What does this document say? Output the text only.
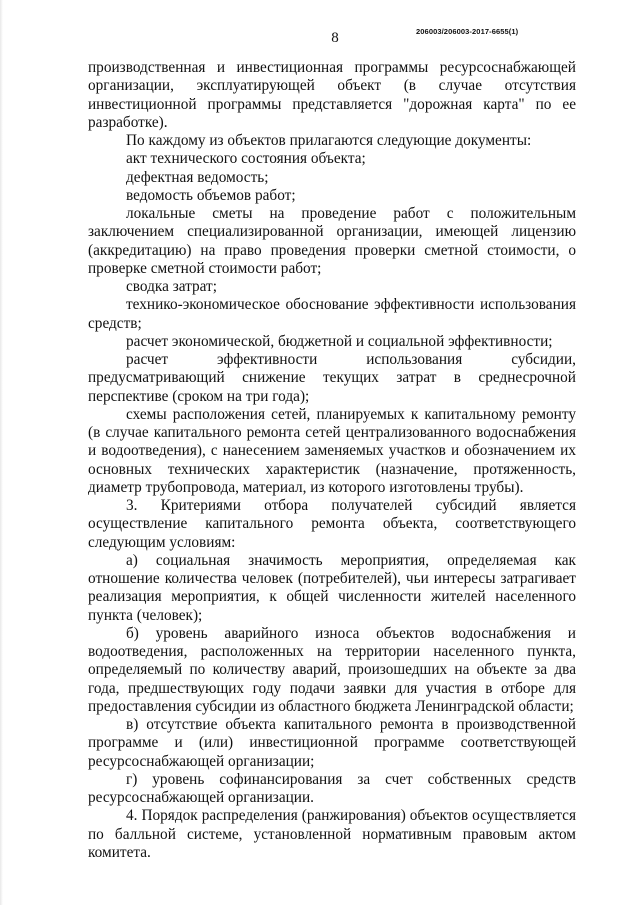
8	206003/206003-2017-6655(1)

производственная и инвестиционная программы ресурсоснабжающей организации, эксплуатирующей объект (в случае отсутствия инвестиционной программы представляется "дорожная карта" по ее разработке).

По каждому из объектов прилагаются следующие документы:

акт технического состояния объекта;

дефектная ведомость;

ведомость объемов работ;

локальные сметы на проведение работ с положительным заключением специализированной организации, имеющей лицензию (аккредитацию) на право проведения проверки сметной стоимости, о проверке сметной стоимости работ;

сводка затрат;

технико-экономическое обоснование эффективности использования средств;

расчет экономической, бюджетной и социальной эффективности;

расчет эффективности использования субсидии, предусматривающий снижение текущих затрат в среднесрочной перспективе (сроком на три года);

схемы расположения сетей, планируемых к капитальному ремонту (в случае капитального ремонта сетей централизованного водоснабжения и водоотведения), с нанесением заменяемых участков и обозначением их основных технических характеристик (назначение, протяженность, диаметр трубопровода, материал, из которого изготовлены трубы).

3. Критериями отбора получателей субсидий является осуществление капитального ремонта объекта, соответствующего следующим условиям:

а) социальная значимость мероприятия, определяемая как отношение количества человек (потребителей), чьи интересы затрагивает реализация мероприятия, к общей численности жителей населенного пункта (человек);

б) уровень аварийного износа объектов водоснабжения и водоотведения, расположенных на территории населенного пункта, определяемый по количеству аварий, произошедших на объекте за два года, предшествующих году подачи заявки для участия в отборе для предоставления субсидии из областного бюджета Ленинградской области;

в) отсутствие объекта капитального ремонта в производственной программе и (или) инвестиционной программе соответствующей ресурсоснабжающей организации;

г) уровень софинансирования за счет собственных средств ресурсоснабжающей организации.

4. Порядок распределения (ранжирования) объектов осуществляется по балльной системе, установленной нормативным правовым актом комитета.
